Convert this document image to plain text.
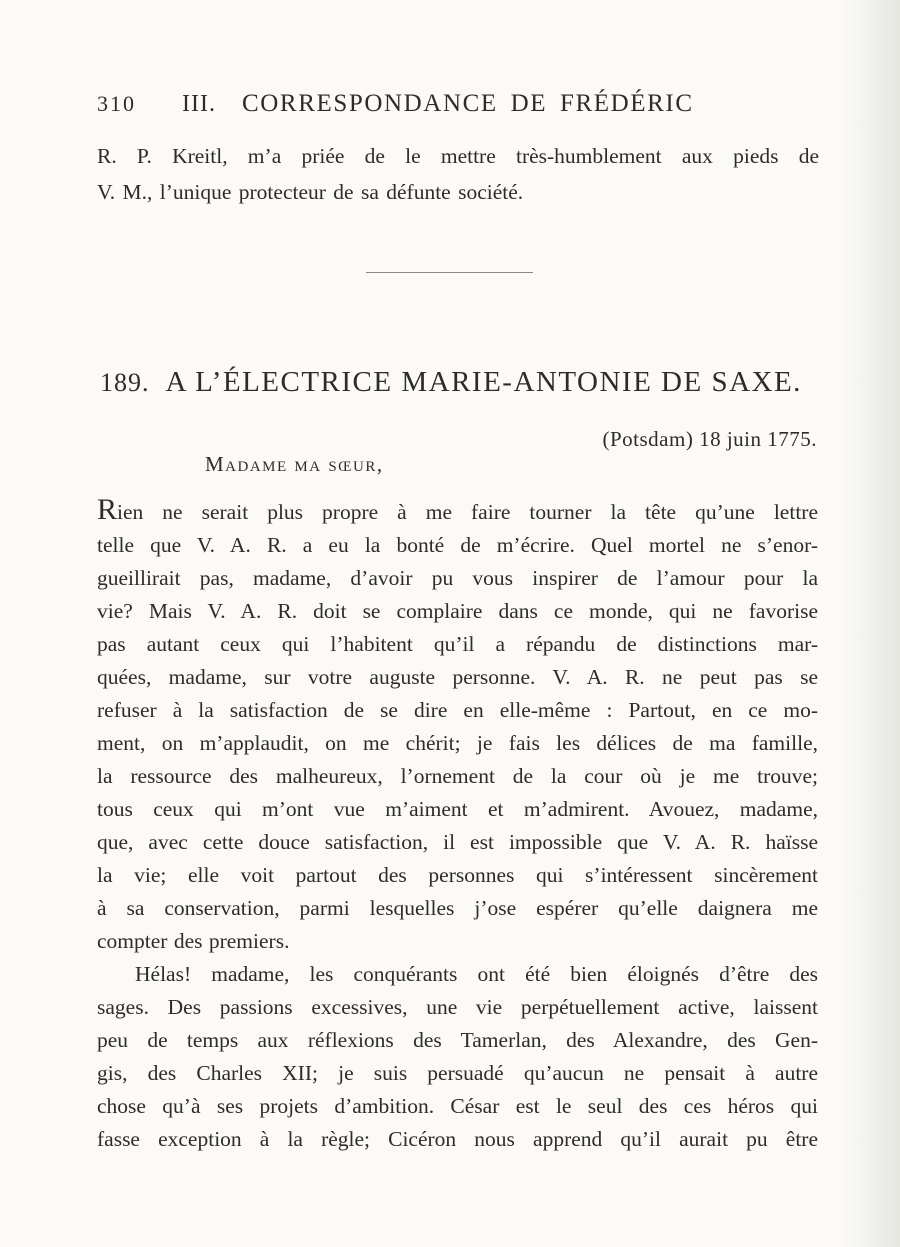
310 III. CORRESPONDANCE DE FRÉDÉRIC
R. P. Kreitl, m’a priée de le mettre très-humblement aux pieds de
V. M., l’unique protecteur de sa défunte société.
189. A L’ÉLECTRICE MARIE-ANTONIE DE SAXE.
(Potsdam) 18 juin 1775.
Madame ma sœur,
Rien ne serait plus propre à me faire tourner la tête qu’une lettre
telle que V. A. R. a eu la bonté de m’écrire. Quel mortel ne s’enor-
gueillirait pas, madame, d’avoir pu vous inspirer de l’amour pour la
vie? Mais V. A. R. doit se complaire dans ce monde, qui ne favorise
pas autant ceux qui l’habitent qu’il a répandu de distinctions mar-
quées, madame, sur votre auguste personne. V. A. R. ne peut pas se
refuser à la satisfaction de se dire en elle-même : Partout, en ce mo-
ment, on m’applaudit, on me chérit; je fais les délices de ma famille,
la ressource des malheureux, l’ornement de la cour où je me trouve;
tous ceux qui m’ont vue m’aiment et m’admirent. Avouez, madame,
que, avec cette douce satisfaction, il est impossible que V. A. R. haïsse
la vie; elle voit partout des personnes qui s’intéressent sincèrement
à sa conservation, parmi lesquelles j’ose espérer qu’elle daignera me
compter des premiers.
Hélas! madame, les conquérants ont été bien éloignés d’être des
sages. Des passions excessives, une vie perpétuellement active, laissent
peu de temps aux réflexions des Tamerlan, des Alexandre, des Gen-
gis, des Charles XII; je suis persuadé qu’aucun ne pensait à autre
chose qu’à ses projets d’ambition. César est le seul des ces héros qui
fasse exception à la règle; Cicéron nous apprend qu’il aurait pu être
